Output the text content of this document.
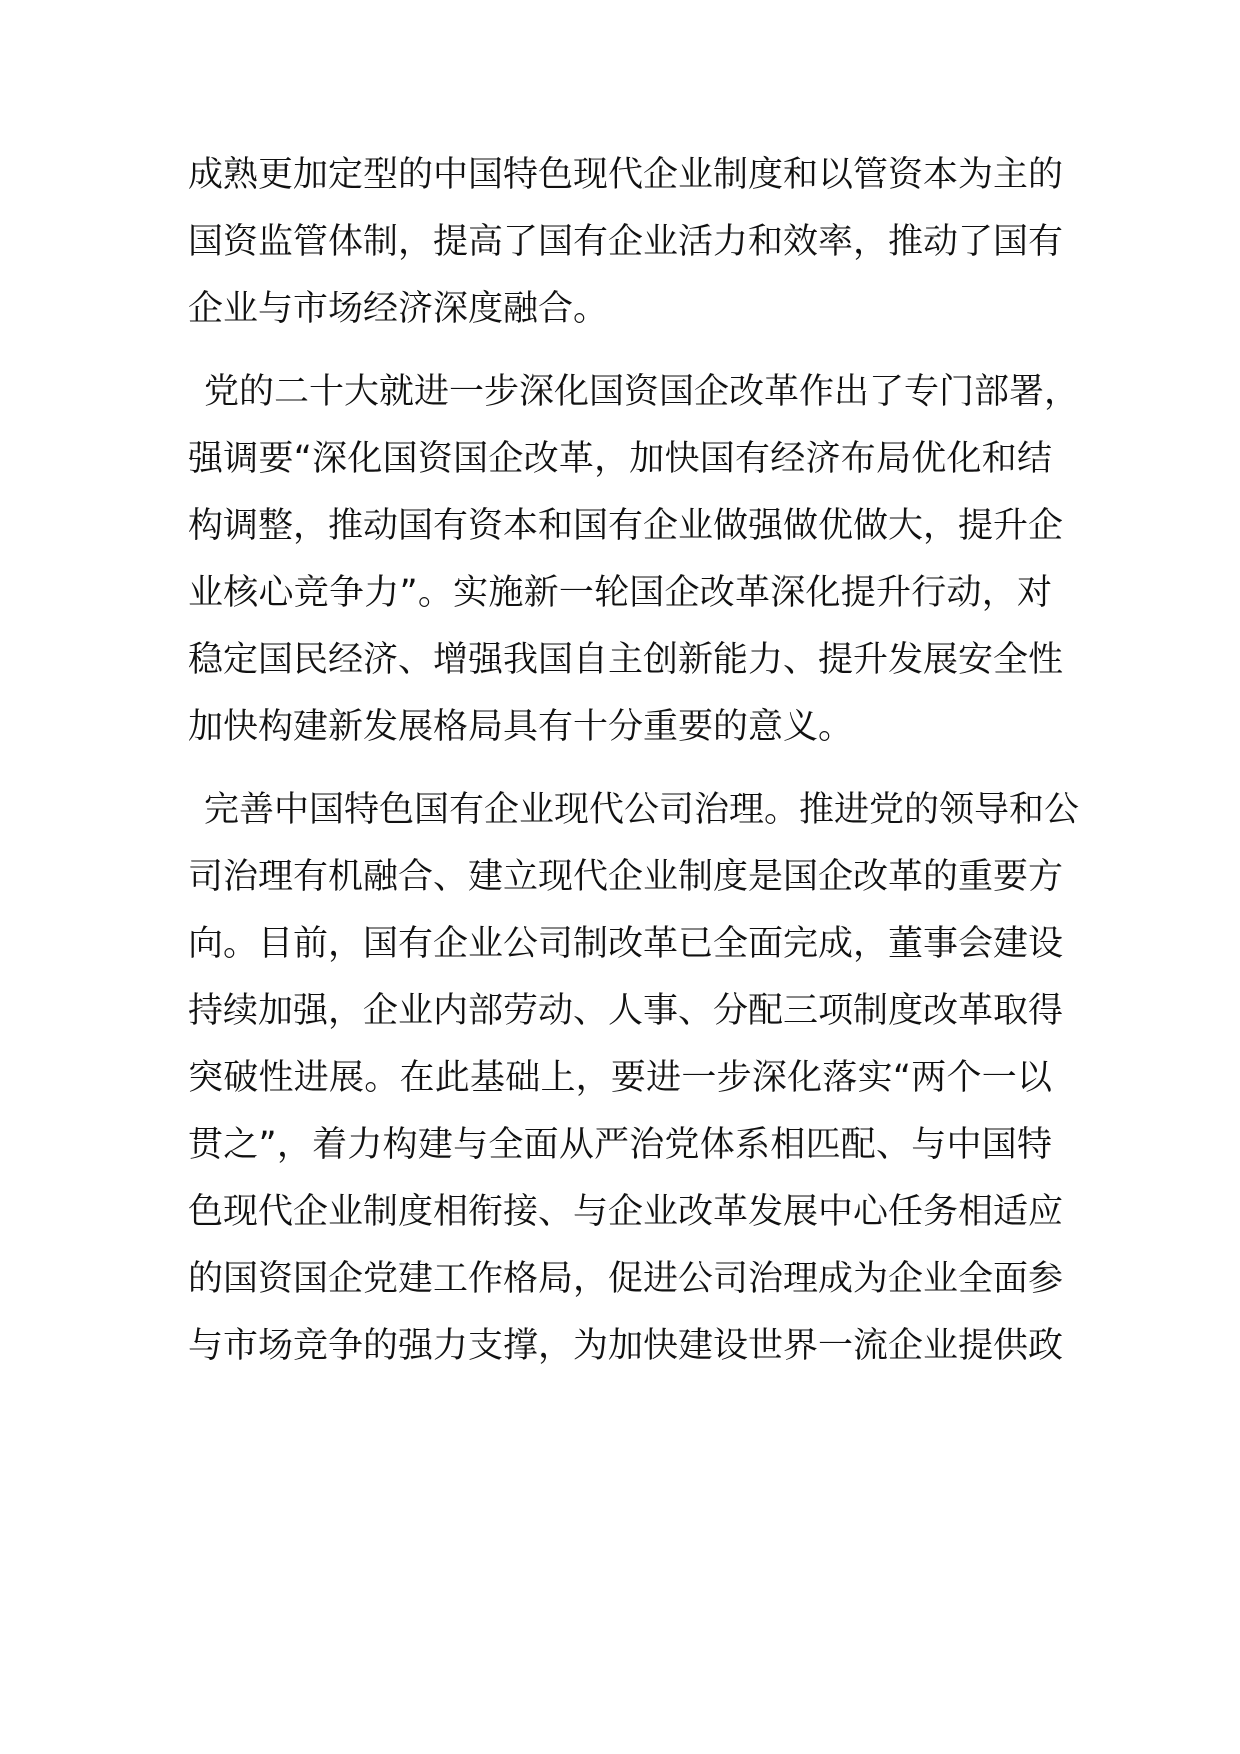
成熟更加定型的中国特色现代企业制度和以管资本为主的
国资监管体制，提高了国有企业活力和效率，推动了国有
企业与市场经济深度融合。
党的二十大就进一步深化国资国企改革作出了专门部署，
强调要“深化国资国企改革，加快国有经济布局优化和结
构调整，推动国有资本和国有企业做强做优做大，提升企
业核心竞争力”。实施新一轮国企改革深化提升行动，对
稳定国民经济、增强我国自主创新能力、提升发展安全性
加快构建新发展格局具有十分重要的意义。
完善中国特色国有企业现代公司治理。推进党的领导和公
司治理有机融合、建立现代企业制度是国企改革的重要方
向。目前，国有企业公司制改革已全面完成，董事会建设
持续加强，企业内部劳动、人事、分配三项制度改革取得
突破性进展。在此基础上，要进一步深化落实“两个一以
贯之”，着力构建与全面从严治党体系相匹配、与中国特
色现代企业制度相衔接、与企业改革发展中心任务相适应
的国资国企党建工作格局，促进公司治理成为企业全面参
与市场竞争的强力支撑，为加快建设世界一流企业提供政
